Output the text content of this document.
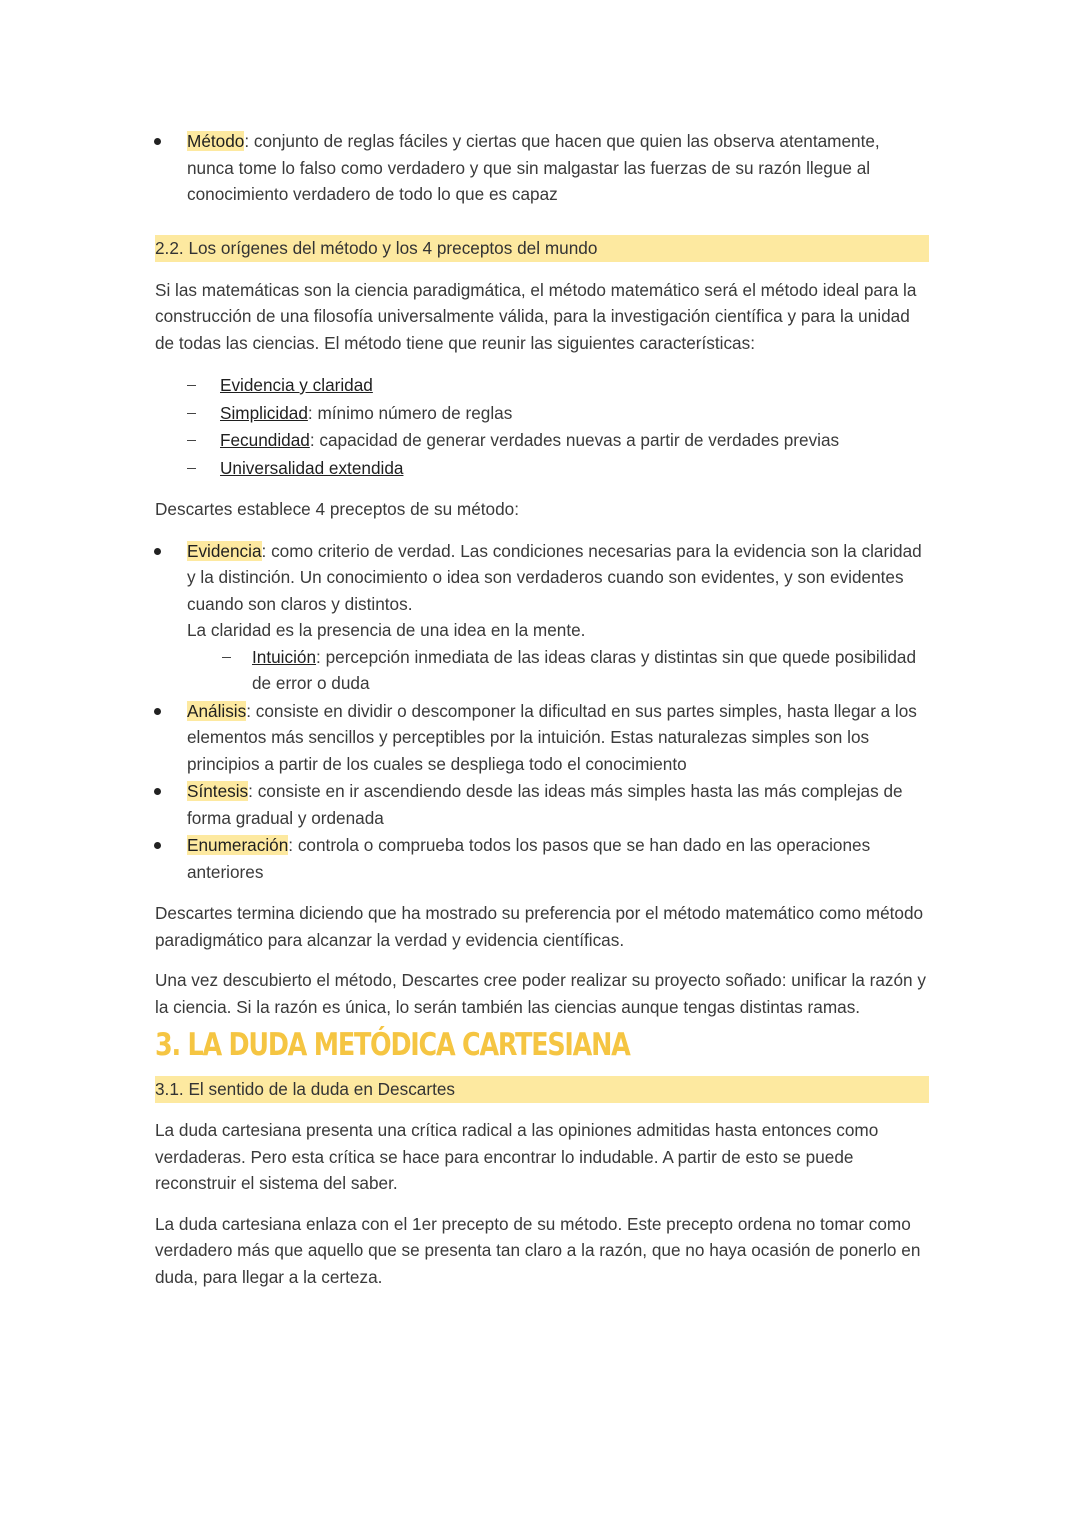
Método: conjunto de reglas fáciles y ciertas que hacen que quien las observa atentamente, nunca tome lo falso como verdadero y que sin malgastar las fuerzas de su razón llegue al conocimiento verdadero de todo lo que es capaz

2.2. Los orígenes del método y los 4 preceptos del mundo

Si las matemáticas son la ciencia paradigmática, el método matemático será el método ideal para la construcción de una filosofía universalmente válida, para la investigación científica y para la unidad de todas las ciencias. El método tiene que reunir las siguientes características:

Evidencia y claridad

Simplicidad: mínimo número de reglas

Fecundidad: capacidad de generar verdades nuevas a partir de verdades previas

Universalidad extendida

Descartes establece 4 preceptos de su método:

Evidencia: como criterio de verdad. Las condiciones necesarias para la evidencia son la claridad y la distinción. Un conocimiento o idea son verdaderos cuando son evidentes, y son evidentes cuando son claros y distintos.

La claridad es la presencia de una idea en la mente.

Intuición: percepción inmediata de las ideas claras y distintas sin que quede posibilidad de error o duda

Análisis: consiste en dividir o descomponer la dificultad en sus partes simples, hasta llegar a los elementos más sencillos y perceptibles por la intuición. Estas naturalezas simples son los principios a partir de los cuales se despliega todo el conocimiento

Síntesis: consiste en ir ascendiendo desde las ideas más simples hasta las más complejas de forma gradual y ordenada

Enumeración: controla o comprueba todos los pasos que se han dado en las operaciones anteriores

Descartes termina diciendo que ha mostrado su preferencia por el método matemático como método paradigmático para alcanzar la verdad y evidencia científicas.

Una vez descubierto el método, Descartes cree poder realizar su proyecto soñado: unificar la razón y la ciencia. Si la razón es única, lo serán también las ciencias aunque tengas distintas ramas.

3. LA DUDA METÓDICA CARTESIANA
3.1. El sentido de la duda en Descartes

La duda cartesiana presenta una crítica radical a las opiniones admitidas hasta entonces como verdaderas. Pero esta crítica se hace para encontrar lo indudable. A partir de esto se puede reconstruir el sistema del saber.

La duda cartesiana enlaza con el 1er precepto de su método. Este precepto ordena no tomar como verdadero más que aquello que se presenta tan claro a la razón, que no haya ocasión de ponerlo en duda, para llegar a la certeza.
